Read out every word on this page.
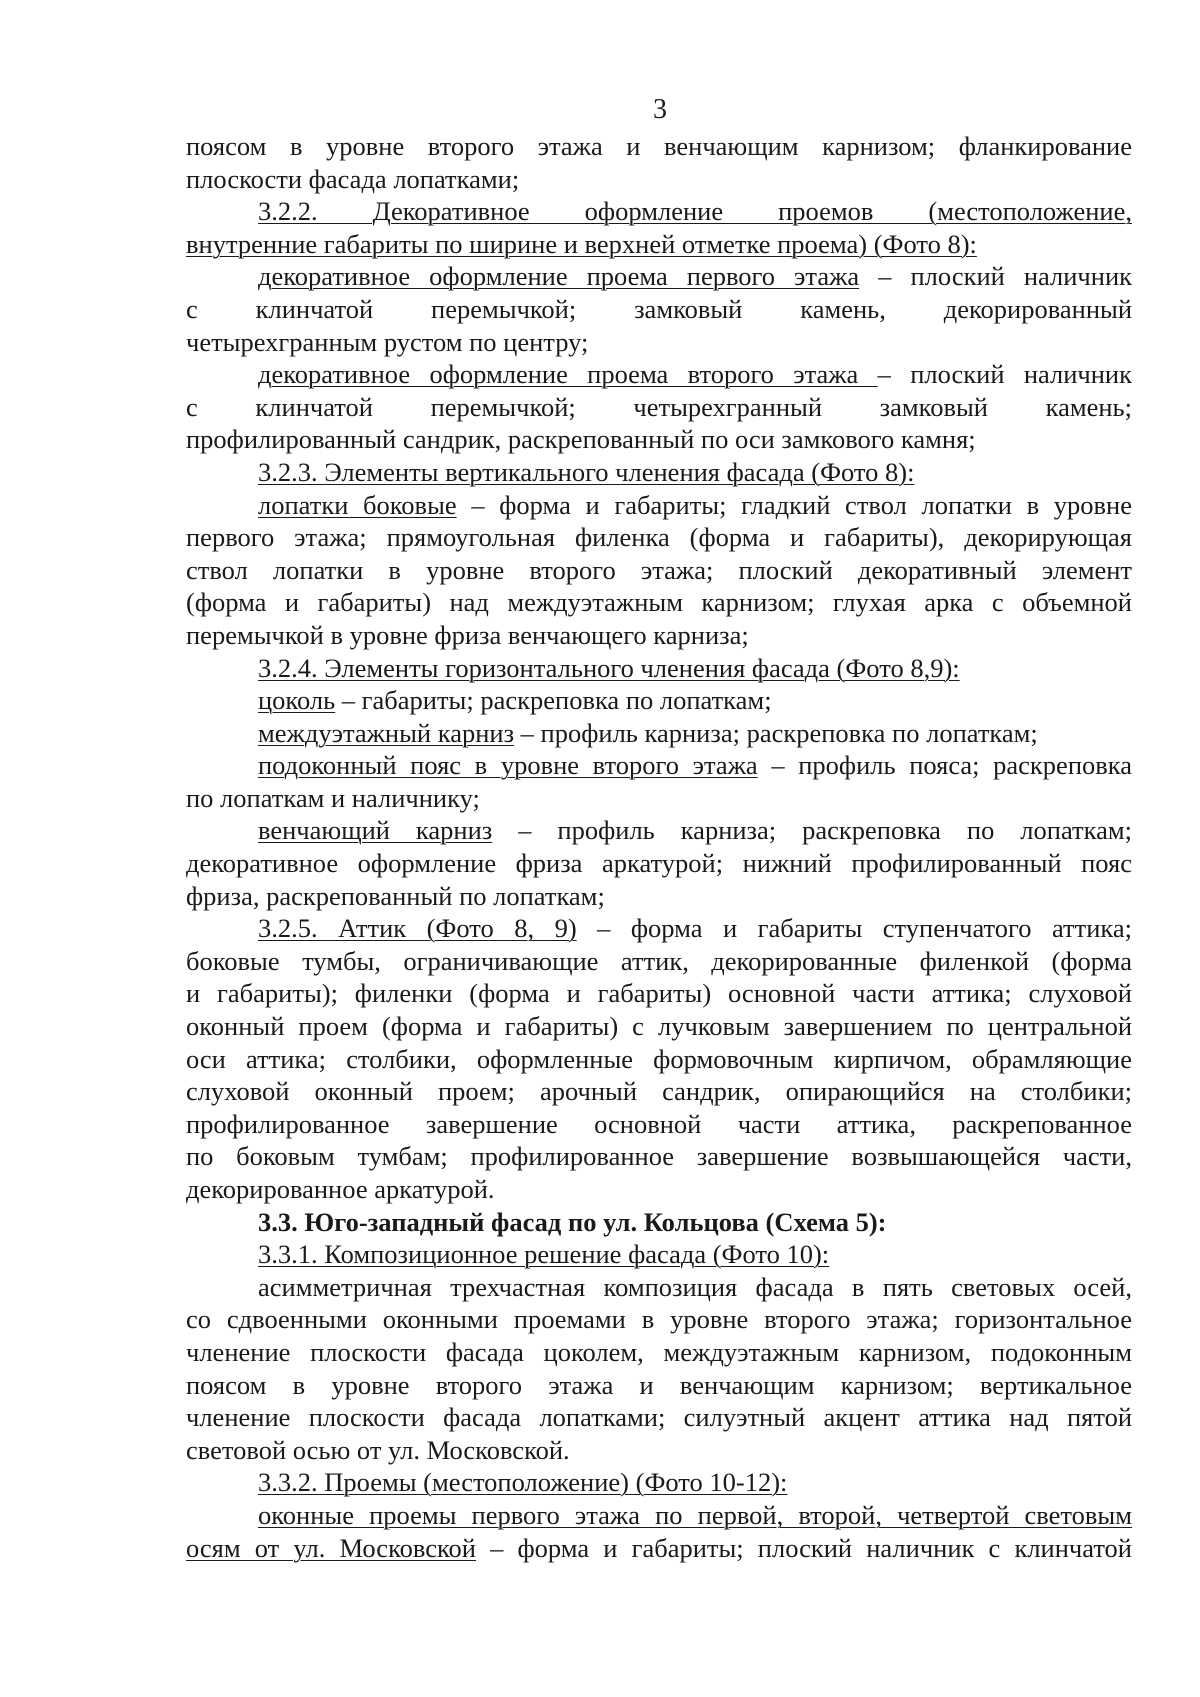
3

поясом в уровне второго этажа и венчающим карнизом; фланкирование

плоскости фасада лопатками;

3.2.2. Декоративное оформление проемов (местоположение,

внутренние габариты по ширине и верхней отметке проема) (Фото 8):

декоративное оформление проема первого этажа – плоский наличник

с клинчатой перемычкой; замковый камень, декорированный

четырехгранным рустом по центру;

декоративное оформление проема второго этажа – плоский наличник

с клинчатой перемычкой; четырехгранный замковый камень;

профилированный сандрик, раскрепованный по оси замкового камня;

3.2.3. Элементы вертикального членения фасада (Фото 8):

лопатки боковые – форма и габариты; гладкий ствол лопатки в уровне

первого этажа; прямоугольная филенка (форма и габариты), декорирующая

ствол лопатки в уровне второго этажа; плоский декоративный элемент

(форма и габариты) над междуэтажным карнизом; глухая арка с объемной

перемычкой в уровне фриза венчающего карниза;

3.2.4. Элементы горизонтального членения фасада (Фото 8,9):

цоколь – габариты; раскреповка по лопаткам;

междуэтажный карниз – профиль карниза; раскреповка по лопаткам;

подоконный пояс в уровне второго этажа – профиль пояса; раскреповка

по лопаткам и наличнику;

венчающий карниз – профиль карниза; раскреповка по лопаткам;

декоративное оформление фриза аркатурой; нижний профилированный пояс

фриза, раскрепованный по лопаткам;

3.2.5. Аттик (Фото 8, 9) – форма и габариты ступенчатого аттика;

боковые тумбы, ограничивающие аттик, декорированные филенкой (форма

и габариты); филенки (форма и габариты) основной части аттика; слуховой

оконный проем (форма и габариты) с лучковым завершением по центральной

оси аттика; столбики, оформленные формовочным кирпичом, обрамляющие

слуховой оконный проем; арочный сандрик, опирающийся на столбики;

профилированное завершение основной части аттика, раскрепованное

по боковым тумбам; профилированное завершение возвышающейся части,

декорированное аркатурой.

3.3. Юго-западный фасад по ул. Кольцова (Схема 5):

3.3.1. Композиционное решение фасада (Фото 10):

асимметричная трехчастная композиция фасада в пять световых осей,

со сдвоенными оконными проемами в уровне второго этажа; горизонтальное

членение плоскости фасада цоколем, междуэтажным карнизом, подоконным

поясом в уровне второго этажа и венчающим карнизом; вертикальное

членение плоскости фасада лопатками; силуэтный акцент аттика над пятой

световой осью от ул. Московской.

3.3.2. Проемы (местоположение) (Фото 10-12):

оконные проемы первого этажа по первой, второй, четвертой световым

осям от ул. Московской – форма и габариты; плоский наличник с клинчатой
